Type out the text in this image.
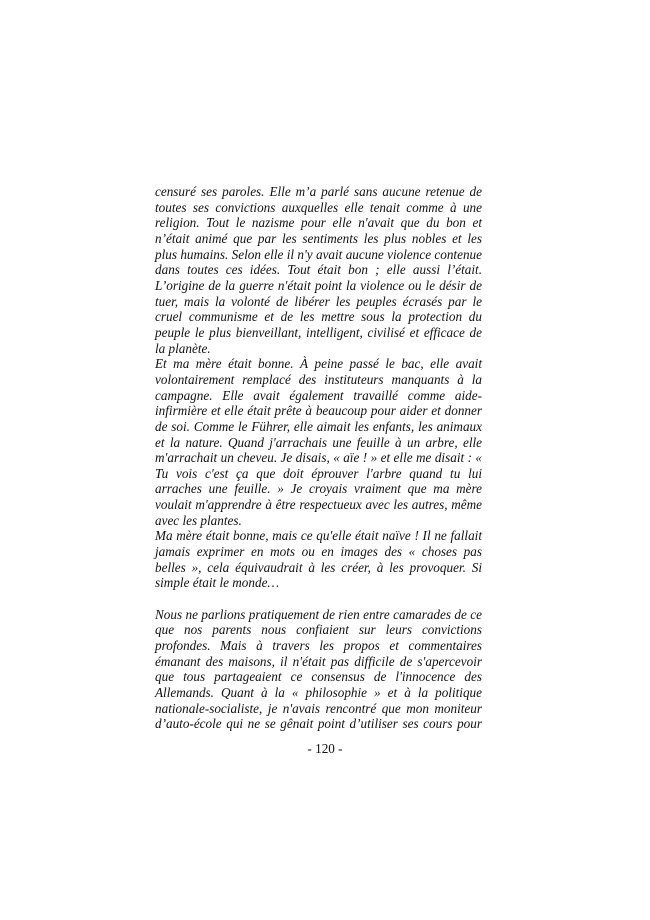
censuré ses paroles. Elle m’a parlé sans aucune retenue de toutes ses convictions auxquelles elle tenait comme à une religion. Tout le nazisme pour elle n'avait que du bon et n’était animé que par les sentiments les plus nobles et les plus humains. Selon elle il n'y avait aucune violence contenue dans toutes ces idées. Tout était bon ; elle aussi l’était. L’origine de la guerre n'était point la violence ou le désir de tuer, mais la volonté de libérer les peuples écrasés par le cruel communisme et de les mettre sous la protection du peuple le plus bienveillant, intelligent, civilisé et efficace de la planète.

Et ma mère était bonne. À peine passé le bac, elle avait volontairement remplacé des instituteurs manquants à la campagne. Elle avait également travaillé comme aide-infirmière et elle était prête à beaucoup pour aider et donner de soi. Comme le Führer, elle aimait les enfants, les animaux et la nature. Quand j'arrachais une feuille à un arbre, elle m'arrachait un cheveu. Je disais, « aïe ! » et elle me disait : « Tu vois c'est ça que doit éprouver l'arbre quand tu lui arraches une feuille. » Je croyais vraiment que ma mère voulait m'apprendre à être respectueux avec les autres, même avec les plantes.

Ma mère était bonne, mais ce qu'elle était naïve ! Il ne fallait jamais exprimer en mots ou en images des « choses pas belles », cela équivaudrait à les créer, à les provoquer. Si simple était le monde…

Nous ne parlions pratiquement de rien entre camarades de ce que nos parents nous confiaient sur leurs convictions profondes. Mais à travers les propos et commentaires émanant des maisons, il n'était pas difficile de s'apercevoir que tous partageaient ce consensus de l'innocence des Allemands. Quant à la « philosophie » et à la politique nationale-socialiste, je n'avais rencontré que mon moniteur d’auto-école qui ne se gênait point d’utiliser ses cours pour

- 120 -
